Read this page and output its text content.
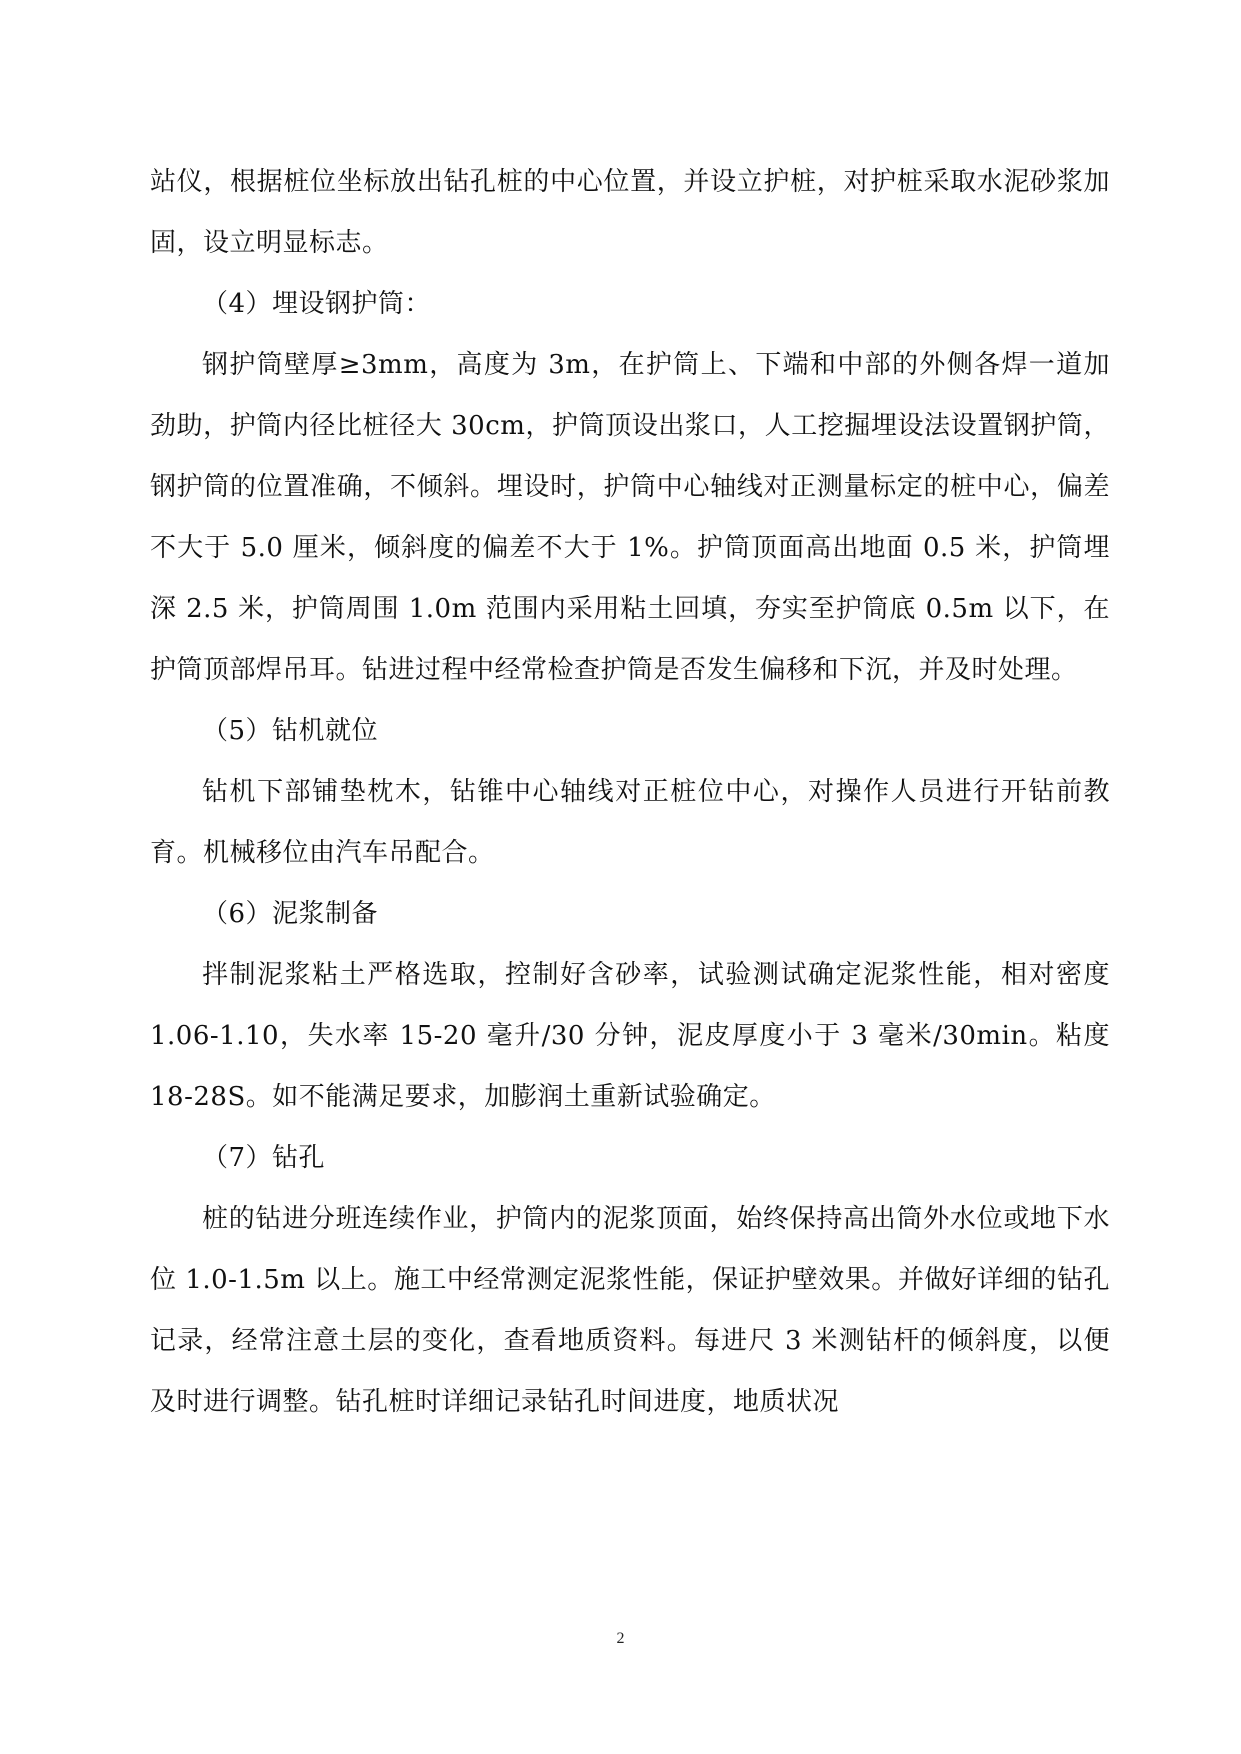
站仪，根据桩位坐标放出钻孔桩的中心位置，并设立护桩，对护桩采取水泥砂浆加固，设立明显标志。

（4）埋设钢护筒：

钢护筒壁厚≥3mm，高度为 3m，在护筒上、下端和中部的外侧各焊一道加劲助，护筒内径比桩径大 30cm，护筒顶设出浆口，人工挖掘埋设法设置钢护筒，钢护筒的位置准确，不倾斜。埋设时，护筒中心轴线对正测量标定的桩中心，偏差不大于 5.0 厘米，倾斜度的偏差不大于 1%。护筒顶面高出地面 0.5 米，护筒埋深 2.5 米，护筒周围 1.0m 范围内采用粘土回填，夯实至护筒底 0.5m 以下，在护筒顶部焊吊耳。钻进过程中经常检查护筒是否发生偏移和下沉，并及时处理。

（5）钻机就位

钻机下部铺垫枕木，钻锥中心轴线对正桩位中心，对操作人员进行开钻前教育。机械移位由汽车吊配合。

（6）泥浆制备

拌制泥浆粘土严格选取，控制好含砂率，试验测试确定泥浆性能，相对密度 1.06-1.10，失水率 15-20 毫升/30 分钟，泥皮厚度小于 3 毫米/30min。粘度 18-28S。如不能满足要求，加膨润土重新试验确定。

（7）钻孔

桩的钻进分班连续作业，护筒内的泥浆顶面，始终保持高出筒外水位或地下水位 1.0-1.5m 以上。施工中经常测定泥浆性能，保证护壁效果。并做好详细的钻孔记录，经常注意土层的变化，查看地质资料。每进尺 3 米测钻杆的倾斜度，以便及时进行调整。钻孔桩时详细记录钻孔时间进度，地质状况

2
